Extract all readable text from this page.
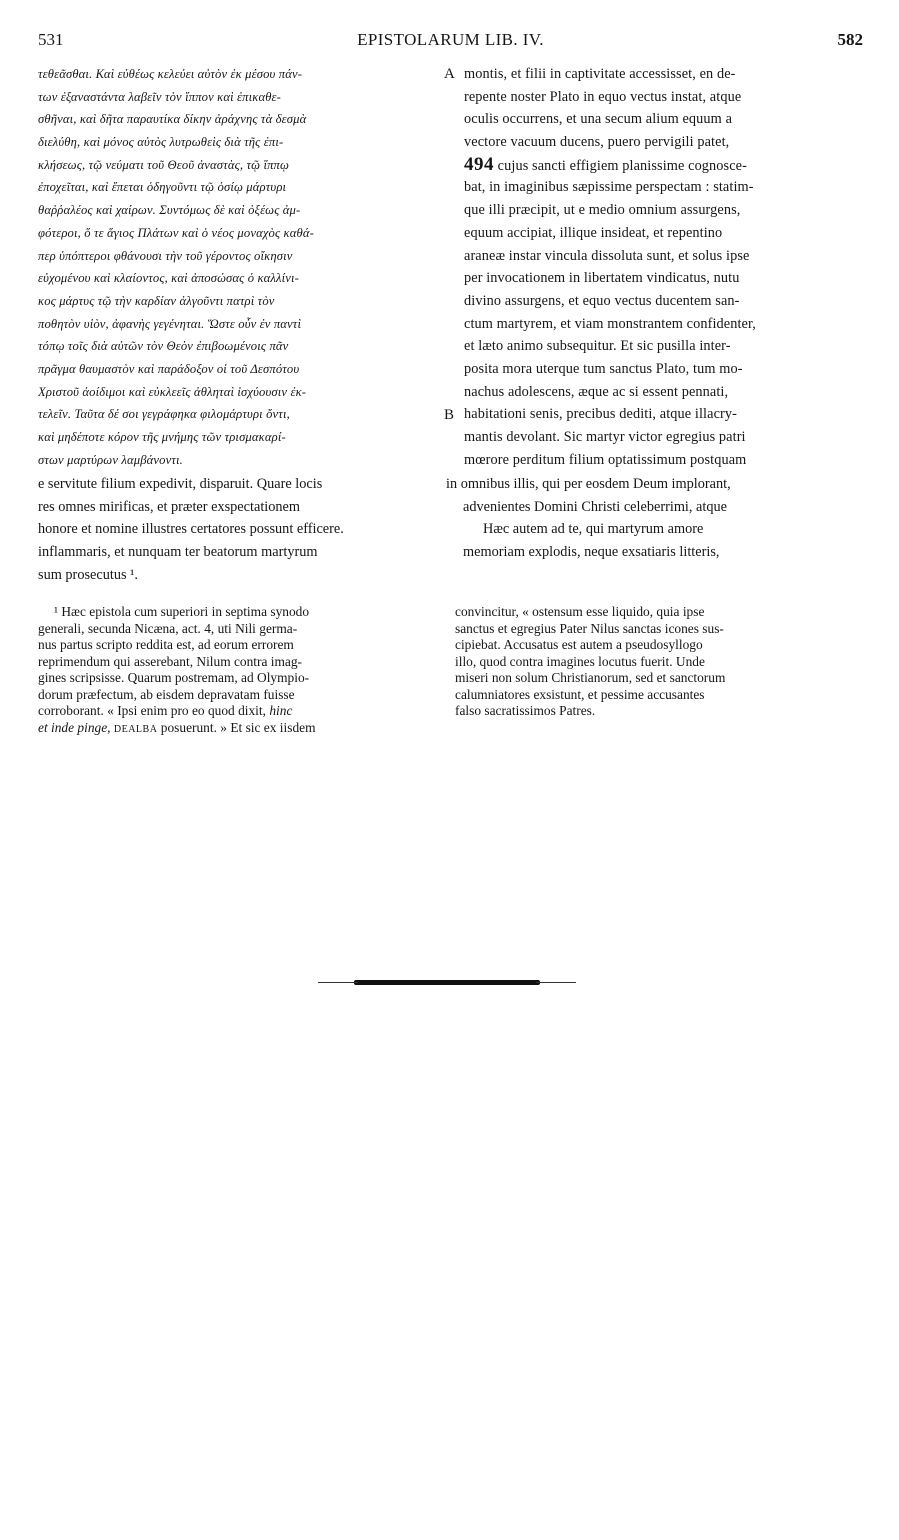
531	EPISTOLARUM LIB. IV.	582
τεθεᾶσθαι. Καὶ εὐθέως κελεύει αὐτὸν ἐκ μέσου πάν-
των ἐξαναστάντα λαβεῖν τὸν ἵππον καὶ ἐπικαθε-
σθῆναι, καὶ δῆτα παραυτίκα δίκην ἀράχνης τὰ δεσμὰ
διελύθη, καὶ μόνος αὐτὸς λυτρωθεὶς διὰ τῆς ἐπι-
κλήσεως, τῷ νεύματι τοῦ Θεοῦ ἀναστὰς, τῷ ἵππῳ
ἐποχεῖται, καὶ ἕπεται ὁδηγοῦντι τῷ ὁσίῳ μάρτυρι
θαῤῥαλέος καὶ χαίρων. Συντόμως δὲ καὶ ὀξέως ἀμ-
φότεροι, ὅ τε ἅγιος Πλάτων καὶ ὁ νέος μοναχὸς καθά-
περ ὑπόπτεροι φθάνουσι τὴν τοῦ γέροντος οἴκησιν
εὐχομένου καὶ κλαίοντος, καὶ ἀποσώσας ὁ καλλίνι-
κος μάρτυς τῷ τὴν καρδίαν ἀλγοῦντι πατρὶ τὸν
ποθητὸν υἱὸν, ἀφανὴς γεγένηται. Ὥστε οὖν ἐν παντὶ
τόπῳ τοῖς διὰ αὐτῶν τὸν Θεὸν ἐπιβοωμένοις πᾶν
πρᾶγμα θαυμαστὸν καὶ παράδοξον οἱ τοῦ Δεσπότου
Χριστοῦ ἀοίδιμοι καὶ εὐκλεεῖς ἀθληταὶ ἰσχύουσιν ἐκ-
τελεῖν. Ταῦτα δέ σοι γεγράφηκα φιλομάρτυρι ὄντι,
καὶ μηδέποτε κόρον τῆς μνήμης τῶν τρισμακαρί-
στων μαρτύρων λαμβάνοντι.
A
B
montis, et filii in captivitate accessisset, en de-
repente noster Plato in equo vectus instat, atque
oculis occurrens, et una secum alium equum a
vectore vacuum ducens, puero pervigili patet,
494 cujus sancti effigiem planissime cognosce-
bat, in imaginibus sæpissime perspectam : statim-
que illi præcipit, ut e medio omnium assurgens,
equum accipiat, illique insideat, et repentino
araneæ instar vincula dissoluta sunt, et solus ipse
per invocationem in libertatem vindicatus, nutu
divino assurgens, et equo vectus ducentem san-
ctum martyrem, et viam monstrantem confidenter,
et læto animo subsequitur. Et sic pusilla inter-
posita mora uterque tum sanctus Plato, tum mo-
nachus adolescens, æque ac si essent pennati,
habitationi senis, precibus dediti, atque illacry-
mantis devolant. Sic martyr victor egregius patri
mœrore perditum filium optatissimum postquam
e servitute filium expedivit, disparuit. Quare locis	in omnibus illis, qui per eosdem Deum implorant,
res omnes mirificas, et præter exspectationem	advenientes Domini Christi celeberrimi, atque
honore et nomine illustres certatores possunt efficere.	Hæc autem ad te, qui martyrum amore
inflammaris, et nunquam ter beatorum martyrum	memoriam explodis, neque exsatiaris litteris,
sum prosecutus ¹.
¹ Hæc epistola cum superiori in septima synodo
generali, secunda Nicæna, act. 4, uti Nili germa-
nus partus scripto reddita est, ad eorum errorem
reprimendum qui asserebant, Nilum contra imag-
gines scripsisse. Quarum postremam, ad Olympio-
dorum præfectum, ab eisdem depravatam fuisse
corroborant. « Ipsi enim pro eo quod dixit, hinc
et inde pinge, DEALBA posuerunt. » Et sic ex iisdem
convincitur, « ostensum esse liquido, quia ipse
sanctus et egregius Pater Nilus sanctas icones sus-
cipiebat. Accusatus est autem a pseudosyllogo
illo, quod contra imagines locutus fuerit. Unde
miseri non solum Christianorum, sed et sanctorum
calumniatores exsistunt, et pessime accusantes
falso sacratissimos Patres.
